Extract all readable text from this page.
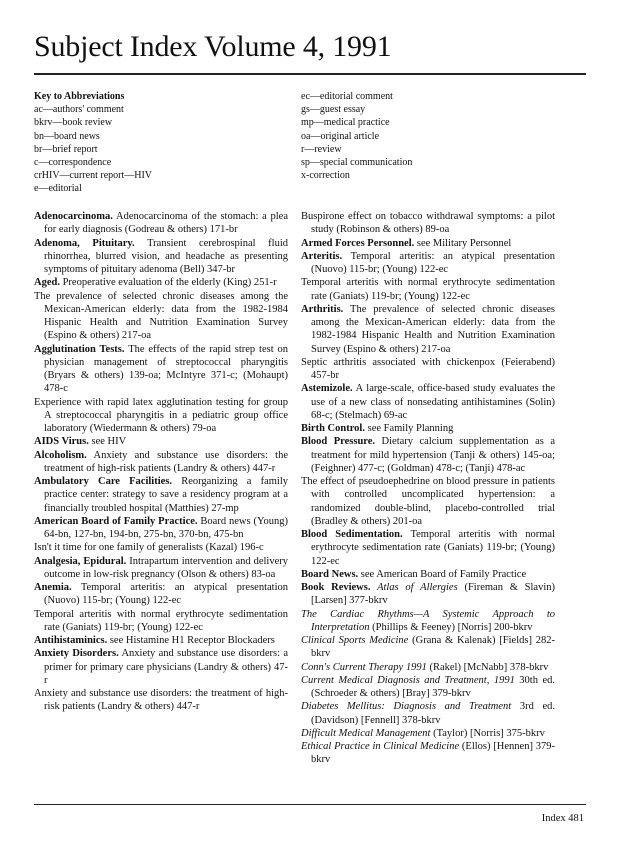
Subject Index Volume 4, 1991
Key to Abbreviations
ac—authors' comment
bkrv—book review
bn—board news
br—brief report
c—correspondence
crHIV—current report—HIV
e—editorial
ec—editorial comment
gs—guest essay
mp—medical practice
oa—original article
r—review
sp—special communication
x-correction
Adenocarcinoma. Adenocarcinoma of the stomach: a plea for early diagnosis (Godreau & others) 171-br
Adenoma, Pituitary. Transient cerebrospinal fluid rhinorrhea, blurred vision, and headache as presenting symptoms of pituitary adenoma (Bell) 347-br
Aged. Preoperative evaluation of the elderly (King) 251-r
The prevalence of selected chronic diseases among the Mexican-American elderly: data from the 1982-1984 Hispanic Health and Nutrition Examination Survey (Espino & others) 217-oa
Agglutination Tests. The effects of the rapid strep test on physician management of streptococcal pharyngitis (Bryars & others) 139-oa; McIntyre 371-c; (Mohaupt) 478-c
Experience with rapid latex agglutination testing for group A streptococcal pharyngitis in a pediatric group office laboratory (Wiedermann & others) 79-oa
AIDS Virus. see HIV
Alcoholism. Anxiety and substance use disorders: the treatment of high-risk patients (Landry & others) 447-r
Ambulatory Care Facilities. Reorganizing a family practice center: strategy to save a residency program at a financially troubled hospital (Matthies) 27-mp
American Board of Family Practice. Board news (Young) 64-bn, 127-bn, 194-bn, 275-bn, 370-bn, 475-bn
Isn't it time for one family of generalists (Kazal) 196-c
Analgesia, Epidural. Intrapartum intervention and delivery outcome in low-risk pregnancy (Olson & others) 83-oa
Anemia. Temporal arteritis: an atypical presentation (Nuovo) 115-br; (Young) 122-ec
Temporal arteritis with normal erythrocyte sedimentation rate (Ganiats) 119-br; (Young) 122-ec
Antihistaminics. see Histamine H1 Receptor Blockaders
Anxiety Disorders. Anxiety and substance use disorders: a primer for primary care physicians (Landry & others) 47-r
Anxiety and substance use disorders: the treatment of high-risk patients (Landry & others) 447-r
Buspirone effect on tobacco withdrawal symptoms: a pilot study (Robinson & others) 89-oa
Armed Forces Personnel. see Military Personnel
Arteritis. Temporal arteritis: an atypical presentation (Nuovo) 115-br; (Young) 122-ec
Temporal arteritis with normal erythrocyte sedimentation rate (Ganiats) 119-br; (Young) 122-ec
Arthritis. The prevalence of selected chronic diseases among the Mexican-American elderly: data from the 1982-1984 Hispanic Health and Nutrition Examination Survey (Espino & others) 217-oa
Septic arthritis associated with chickenpox (Feierabend) 457-br
Astemizole. A large-scale, office-based study evaluates the use of a new class of nonsedating antihistamines (Solin) 68-c; (Stelmach) 69-ac
Birth Control. see Family Planning
Blood Pressure. Dietary calcium supplementation as a treatment for mild hypertension (Tanji & others) 145-oa; (Feighner) 477-c; (Goldman) 478-c; (Tanji) 478-ac
The effect of pseudoephedrine on blood pressure in patients with controlled uncomplicated hypertension: a randomized double-blind, placebo-controlled trial (Bradley & others) 201-oa
Blood Sedimentation. Temporal arteritis with normal erythrocyte sedimentation rate (Ganiats) 119-br; (Young) 122-ec
Board News. see American Board of Family Practice
Book Reviews. Atlas of Allergies (Fireman & Slavin) [Larsen] 377-bkrv
The Cardiac Rhythms—A Systemic Approach to Interpretation (Phillips & Feeney) [Norris] 200-bkrv
Clinical Sports Medicine (Grana & Kalenak) [Fields] 282-bkrv
Conn's Current Therapy 1991 (Rakel) [McNabb] 378-bkrv
Current Medical Diagnosis and Treatment, 1991 30th ed. (Schroeder & others) [Bray] 379-bkrv
Diabetes Mellitus: Diagnosis and Treatment 3rd ed. (Davidson) [Fennell] 378-bkrv
Difficult Medical Management (Taylor) [Norris] 375-bkrv
Ethical Practice in Clinical Medicine (Ellos) [Hennen] 379-bkrv
Index 481
